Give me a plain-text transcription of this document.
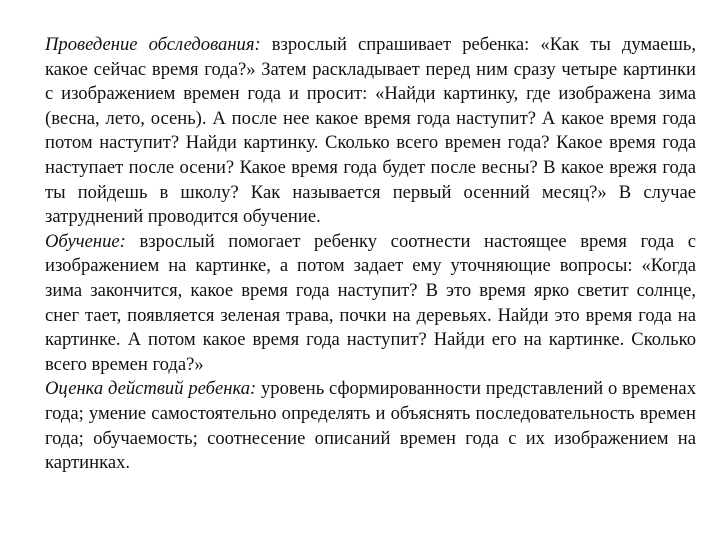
Проведение обследования: взрослый спрашивает ребенка: «Как ты думаешь, какое сейчас время года?» Затем раскладывает перед ним сразу четыре картинки с изображением времен года и просит: «Найди картинку, где изображена зима (весна, лето, осень). А после нее какое время года наступит? А какое время года потом наступит? Найди картинку. Сколько всего времен года? Какое время года наступает после осени? Какое время года будет после весны? В какое врежя года ты пойдешь в школу? Как называется первый осенний месяц?» В случае затруднений проводится обучение.

Обучение: взрослый помогает ребенку соотнести настоящее время года с изображением на картинке, а потом задает ему уточняющие вопросы: «Когда зима закончится, какое время года наступит? В это время ярко светит солнце, снег тает, появляется зеленая трава, почки на деревьях. Найди это время года на картинке. А потом какое время года наступит? Найди его на картинке. Сколько всего времен года?»

Оценка действий ребенка: уровень сформированности представлений о временах года; умение самостоятельно определять и объяснять последовательность времен года; обучаемость; соотнесение описаний времен года с их изображением на картинках.
